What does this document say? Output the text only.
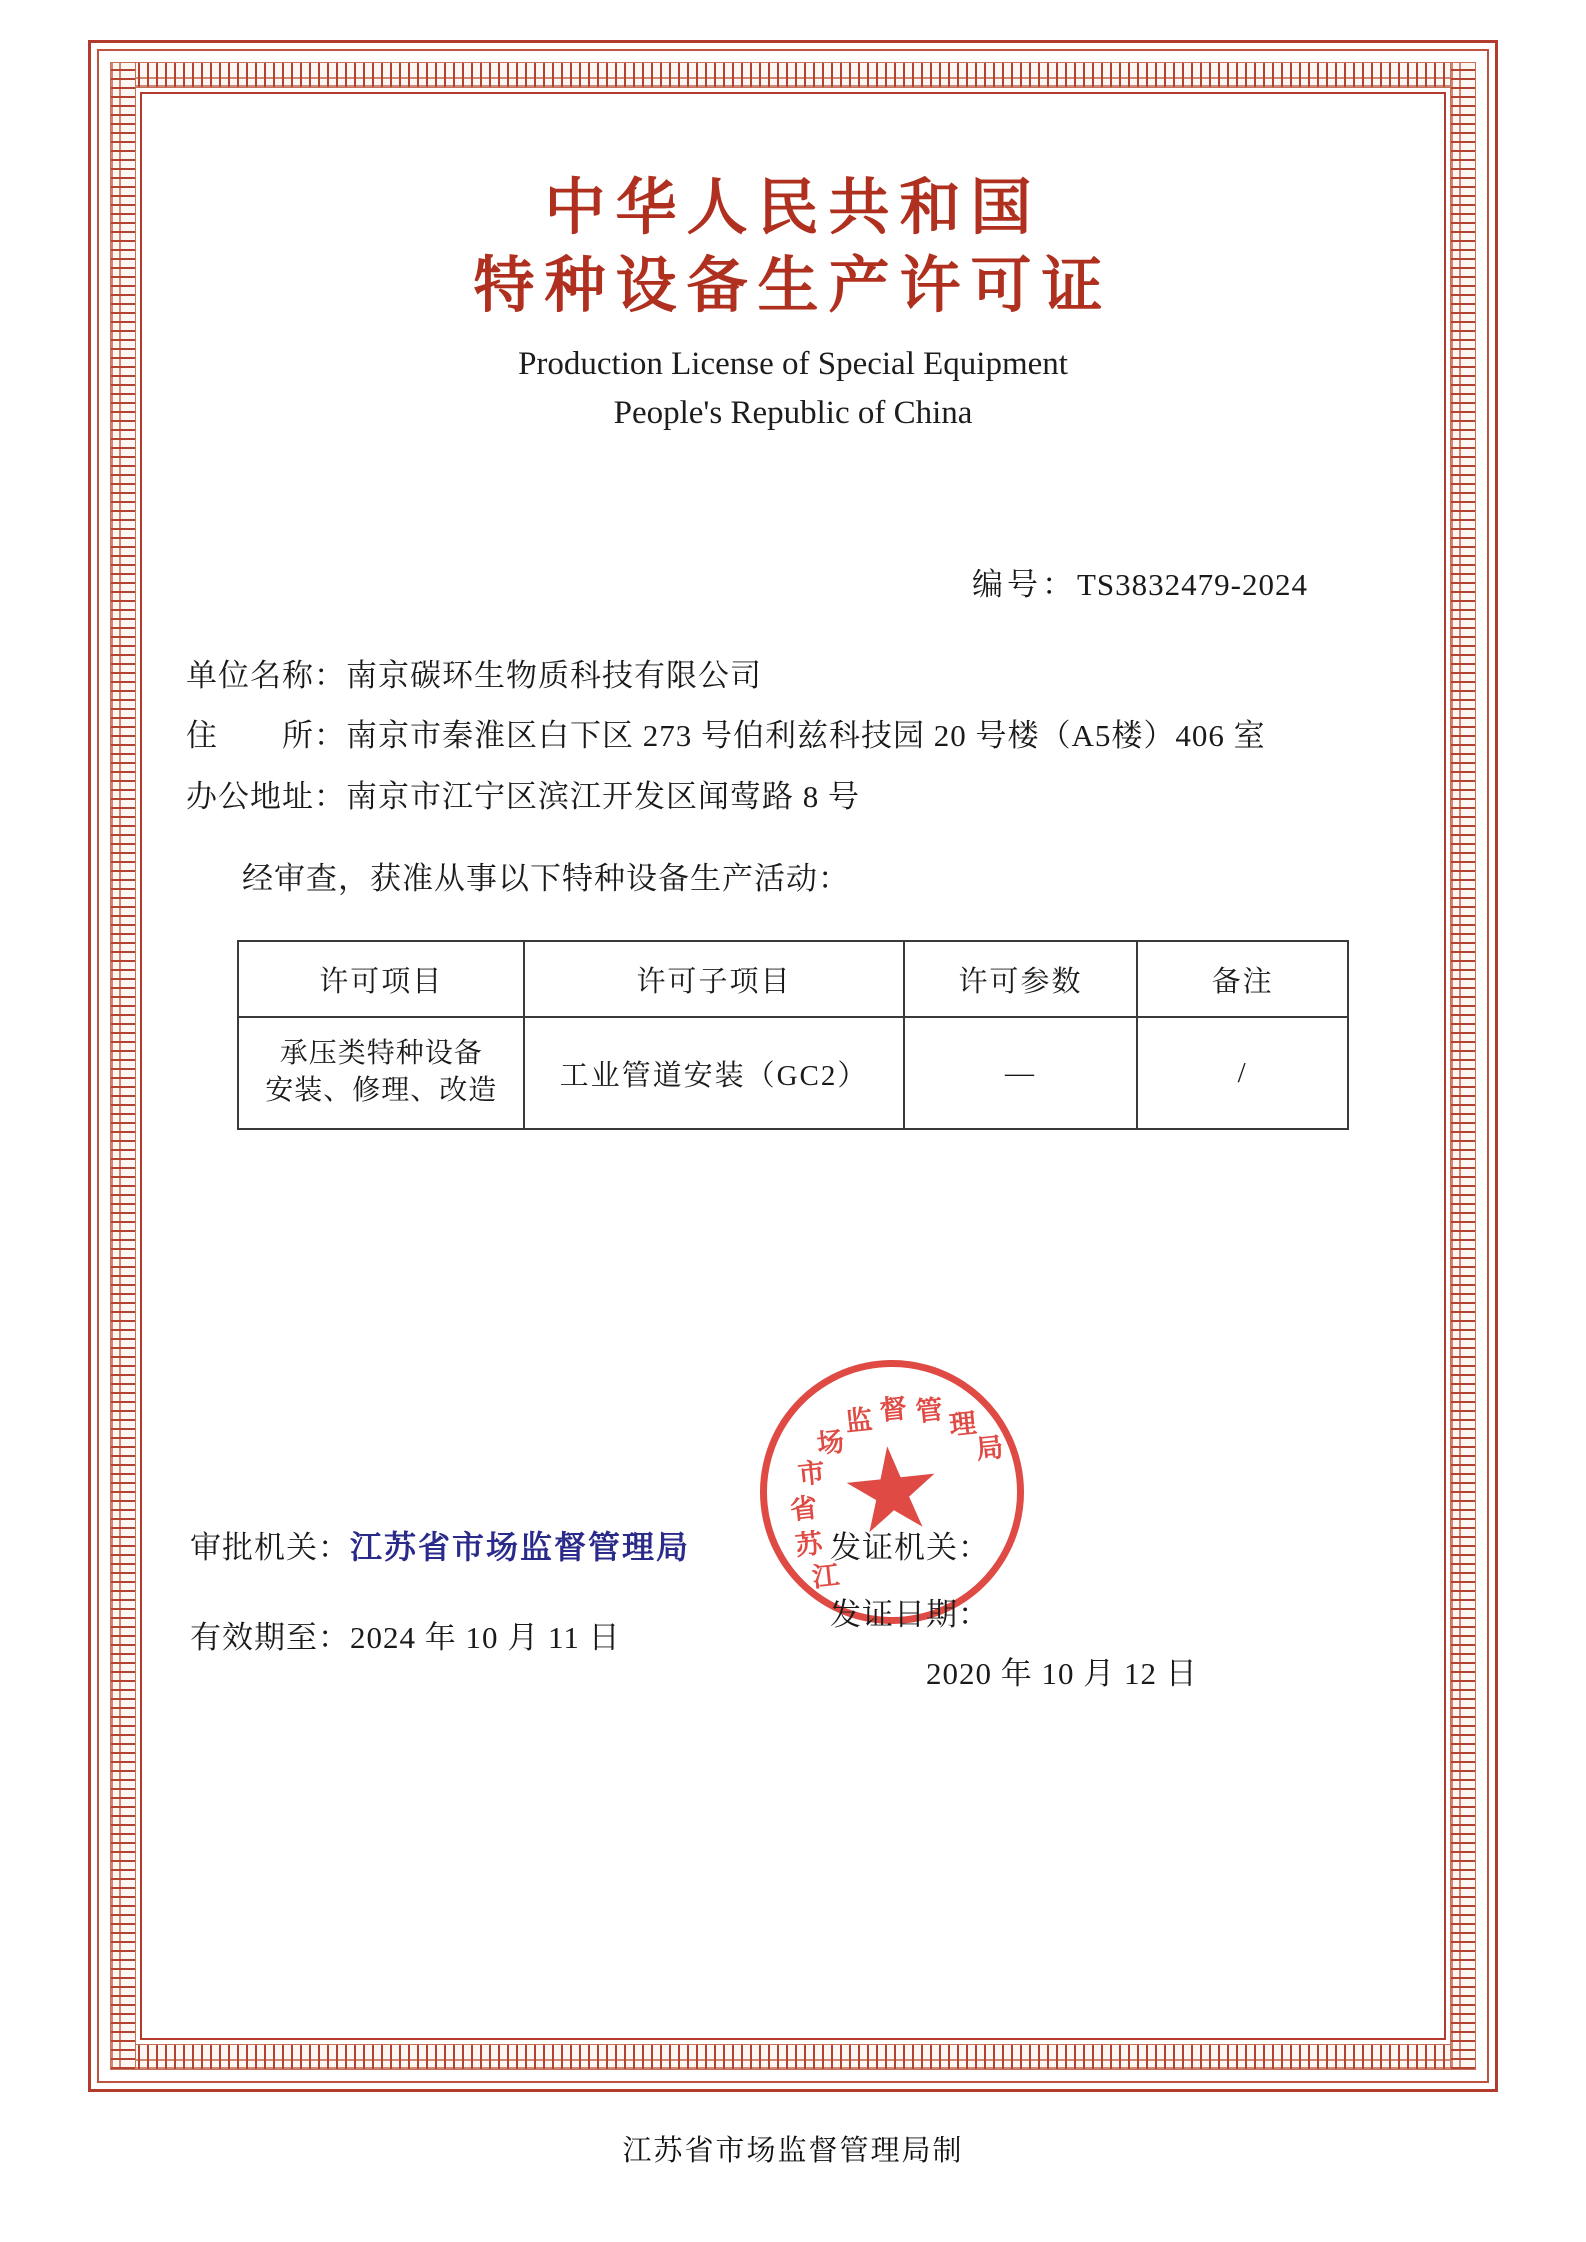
中华人民共和国
特种设备生产许可证
Production License of Special Equipment
People's Republic of China
编号：TS3832479-2024
单位名称：南京碳环生物质科技有限公司
住　　所：南京市秦淮区白下区 273 号伯利兹科技园 20 号楼（A5楼）406 室
办公地址：南京市江宁区滨江开发区闻莺路 8 号
经审查，获准从事以下特种设备生产活动：
许可项目	许可子项目	许可参数	备注

承压类特种设备
安装、修理、改造	工业管道安装（GC2）	—	/
江
苏
省
市
场
监 督 管 理
局
审批机关：江苏省市场监督管理局
有效期至：2024 年 10 月 11 日
发证机关：
发证日期：
2020 年 10 月 12 日
江苏省市场监督管理局制
